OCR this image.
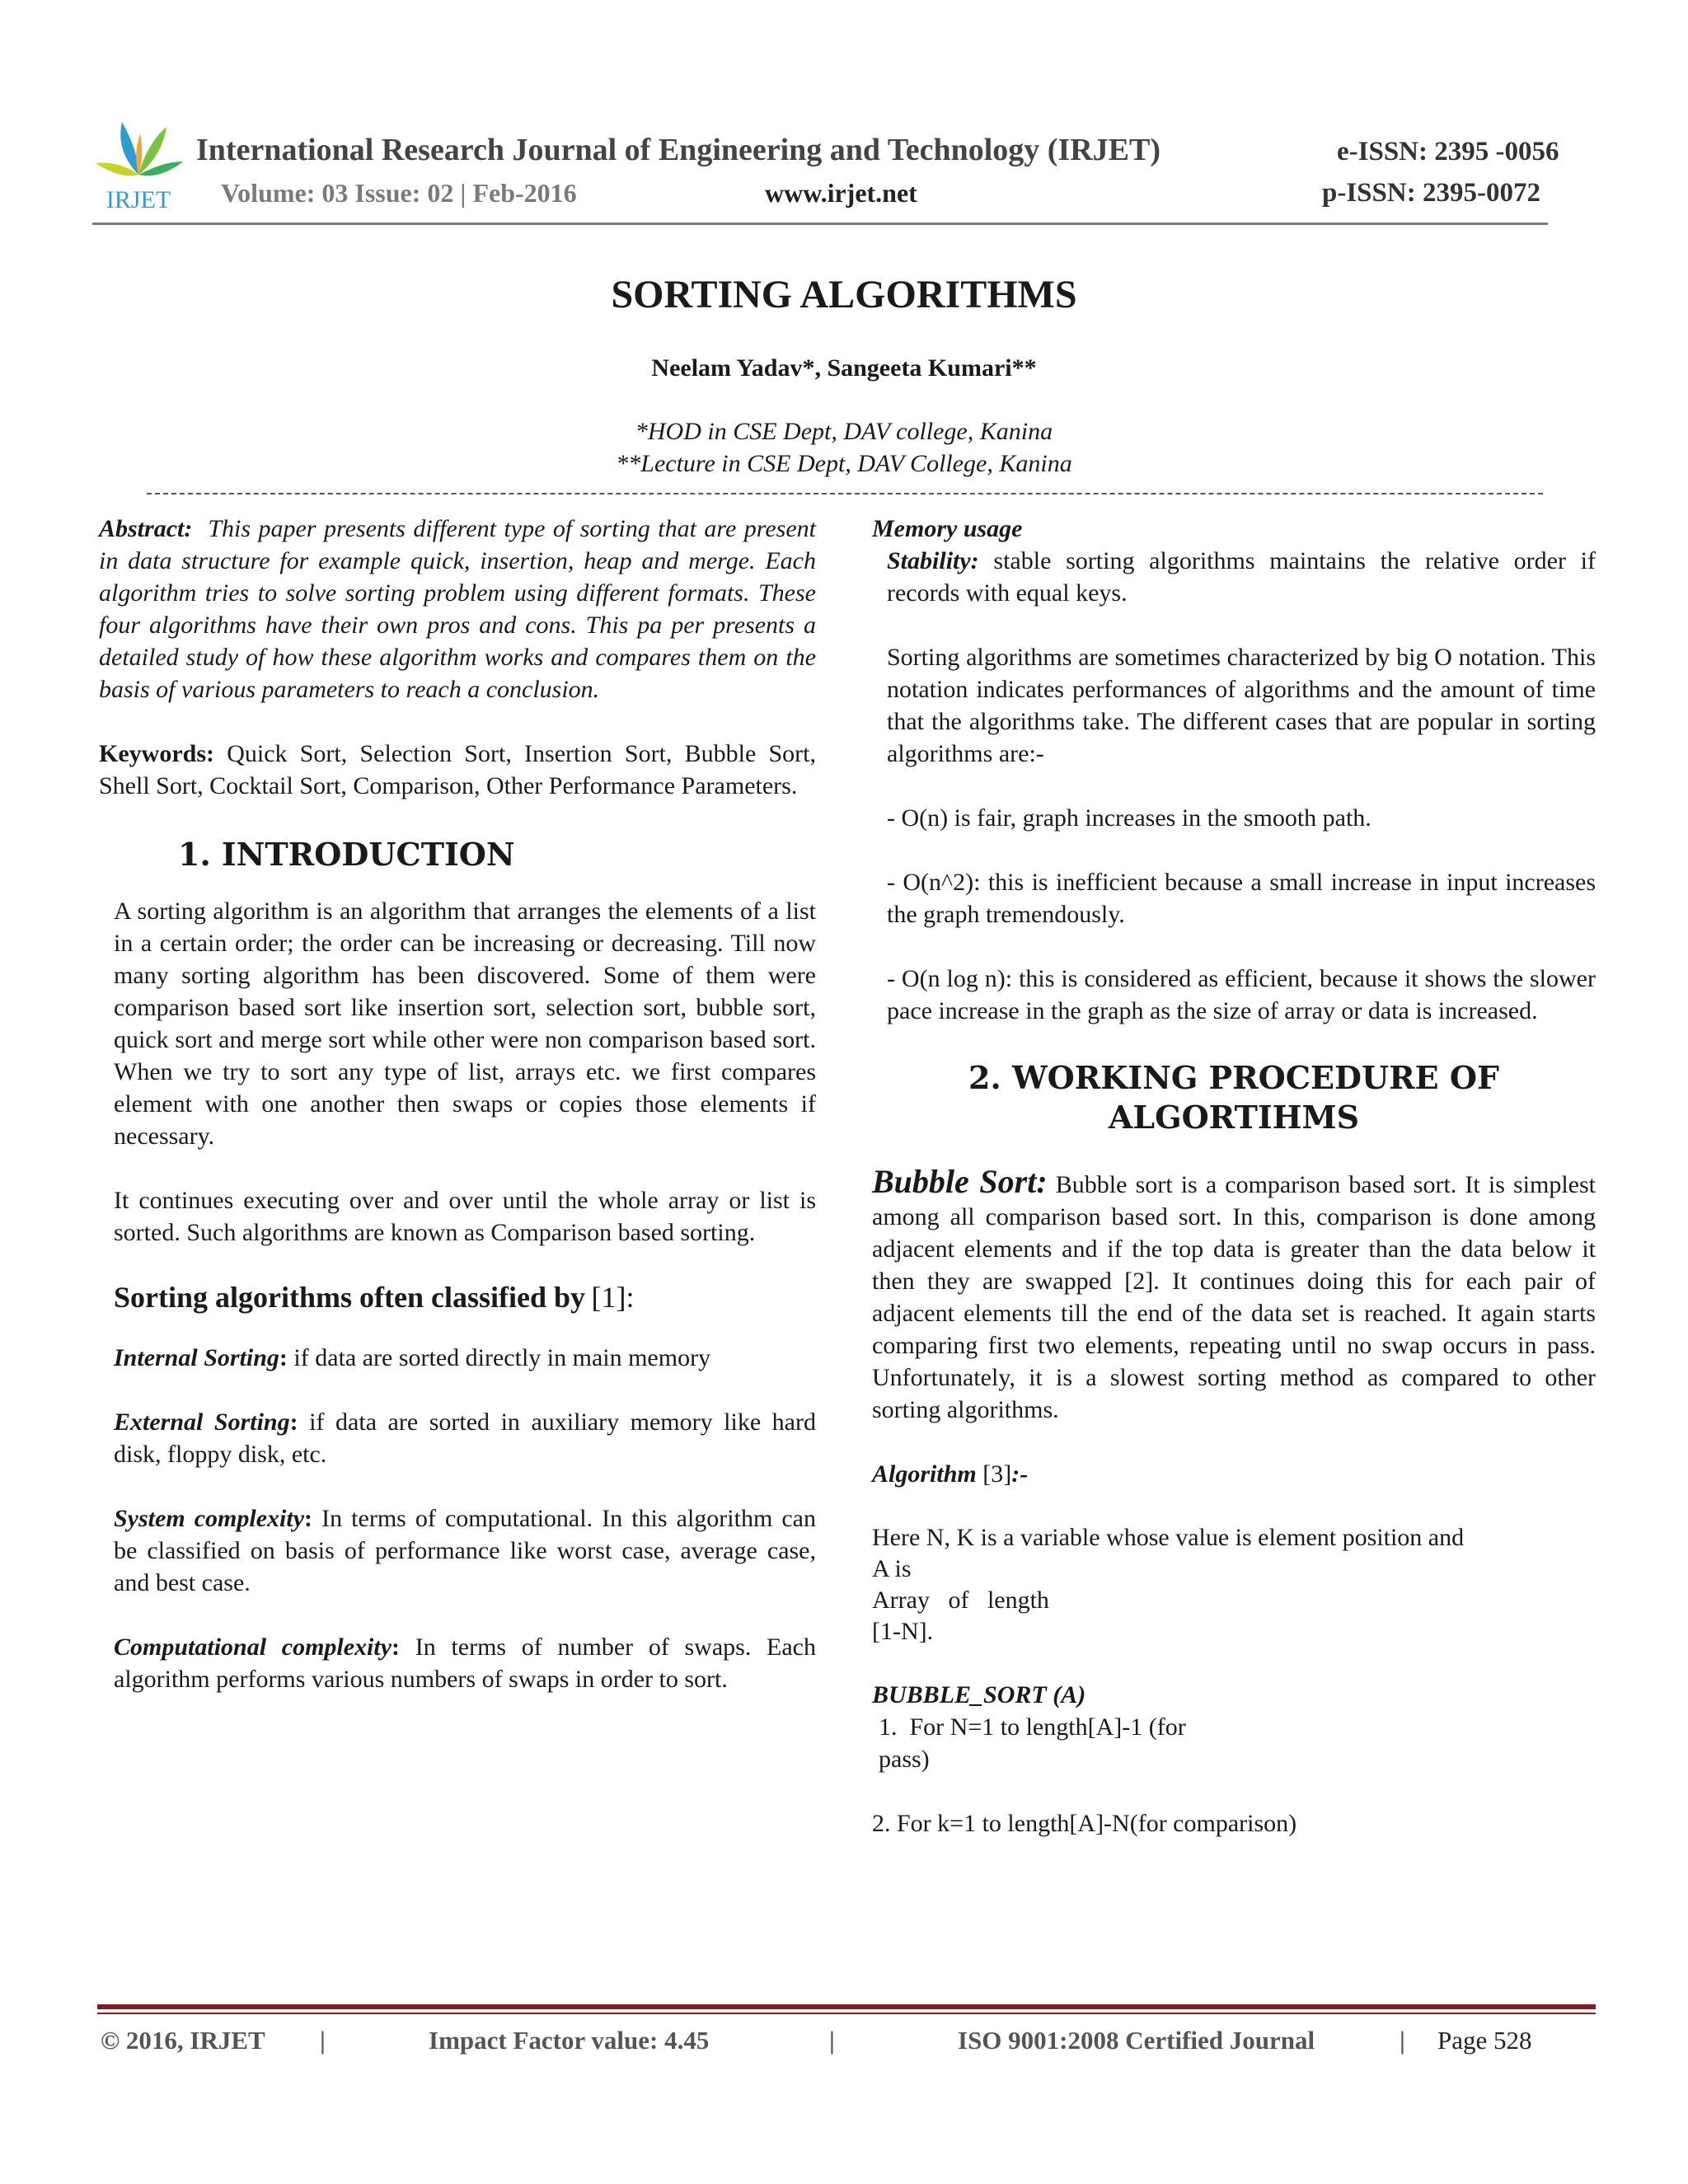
IRJET
International Research Journal of Engineering and Technology (IRJET)	e-ISSN: 2395 -0056
Volume: 03 Issue: 02 | Feb-2016	www.irjet.net	p-ISSN: 2395-0072
SORTING ALGORITHMS
Neelam Yadav*, Sangeeta Kumari**
*HOD in CSE Dept, DAV college, Kanina
**Lecture in CSE Dept, DAV College, Kanina

Abstract: This paper presents different type of sorting that are present in data structure for example quick, insertion, heap and merge. Each algorithm tries to solve sorting problem using different formats. These four algorithms have their own pros and cons. This pa per presents a detailed study of how these algorithm works and compares them on the basis of various parameters to reach a conclusion.

Keywords: Quick Sort, Selection Sort, Insertion Sort, Bubble Sort, Shell Sort, Cocktail Sort, Comparison, Other Performance Parameters.

1. INTRODUCTION

A sorting algorithm is an algorithm that arranges the elements of a list in a certain order; the order can be increasing or decreasing. Till now many sorting algorithm has been discovered. Some of them were comparison based sort like insertion sort, selection sort, bubble sort, quick sort and merge sort while other were non comparison based sort. When we try to sort any type of list, arrays etc. we first compares element with one another then swaps or copies those elements if necessary.

It continues executing over and over until the whole array or list is sorted. Such algorithms are known as Comparison based sorting.

Sorting algorithms often classified by [1]:

Internal Sorting: if data are sorted directly in main memory

External Sorting: if data are sorted in auxiliary memory like hard disk, floppy disk, etc.

System complexity: In terms of computational. In this algorithm can be classified on basis of performance like worst case, average case, and best case.

Computational complexity: In terms of number of swaps. Each algorithm performs various numbers of swaps in order to sort.

Memory usage

Stability: stable sorting algorithms maintains the relative order if records with equal keys.

Sorting algorithms are sometimes characterized by big O notation. This notation indicates performances of algorithms and the amount of time that the algorithms take. The different cases that are popular in sorting algorithms are:-

- O(n) is fair, graph increases in the smooth path.

- O(n^2): this is inefficient because a small increase in input increases the graph tremendously.

- O(n log n): this is considered as efficient, because it shows the slower pace increase in the graph as the size of array or data is increased.

2. WORKING PROCEDURE OF
ALGORTIHMS

Bubble Sort: Bubble sort is a comparison based sort. It is simplest among all comparison based sort. In this, comparison is done among adjacent elements and if the top data is greater than the data below it then they are swapped [2]. It continues doing this for each pair of adjacent elements till the end of the data set is reached. It again starts comparing first two elements, repeating until no swap occurs in pass. Unfortunately, it is a slowest sorting method as compared to other sorting algorithms.

Algorithm [3]:-

Here N, K is a variable whose value is element position and
A is
Array   of   length
[1-N].

BUBBLE_SORT (A)

1.  For N=1 to length[A]-1 (for
pass)

2. For k=1 to length[A]-N(for comparison)

© 2016, IRJET |	Impact Factor value: 4.45	|	ISO 9001:2008 Certified Journal	| Page 528
